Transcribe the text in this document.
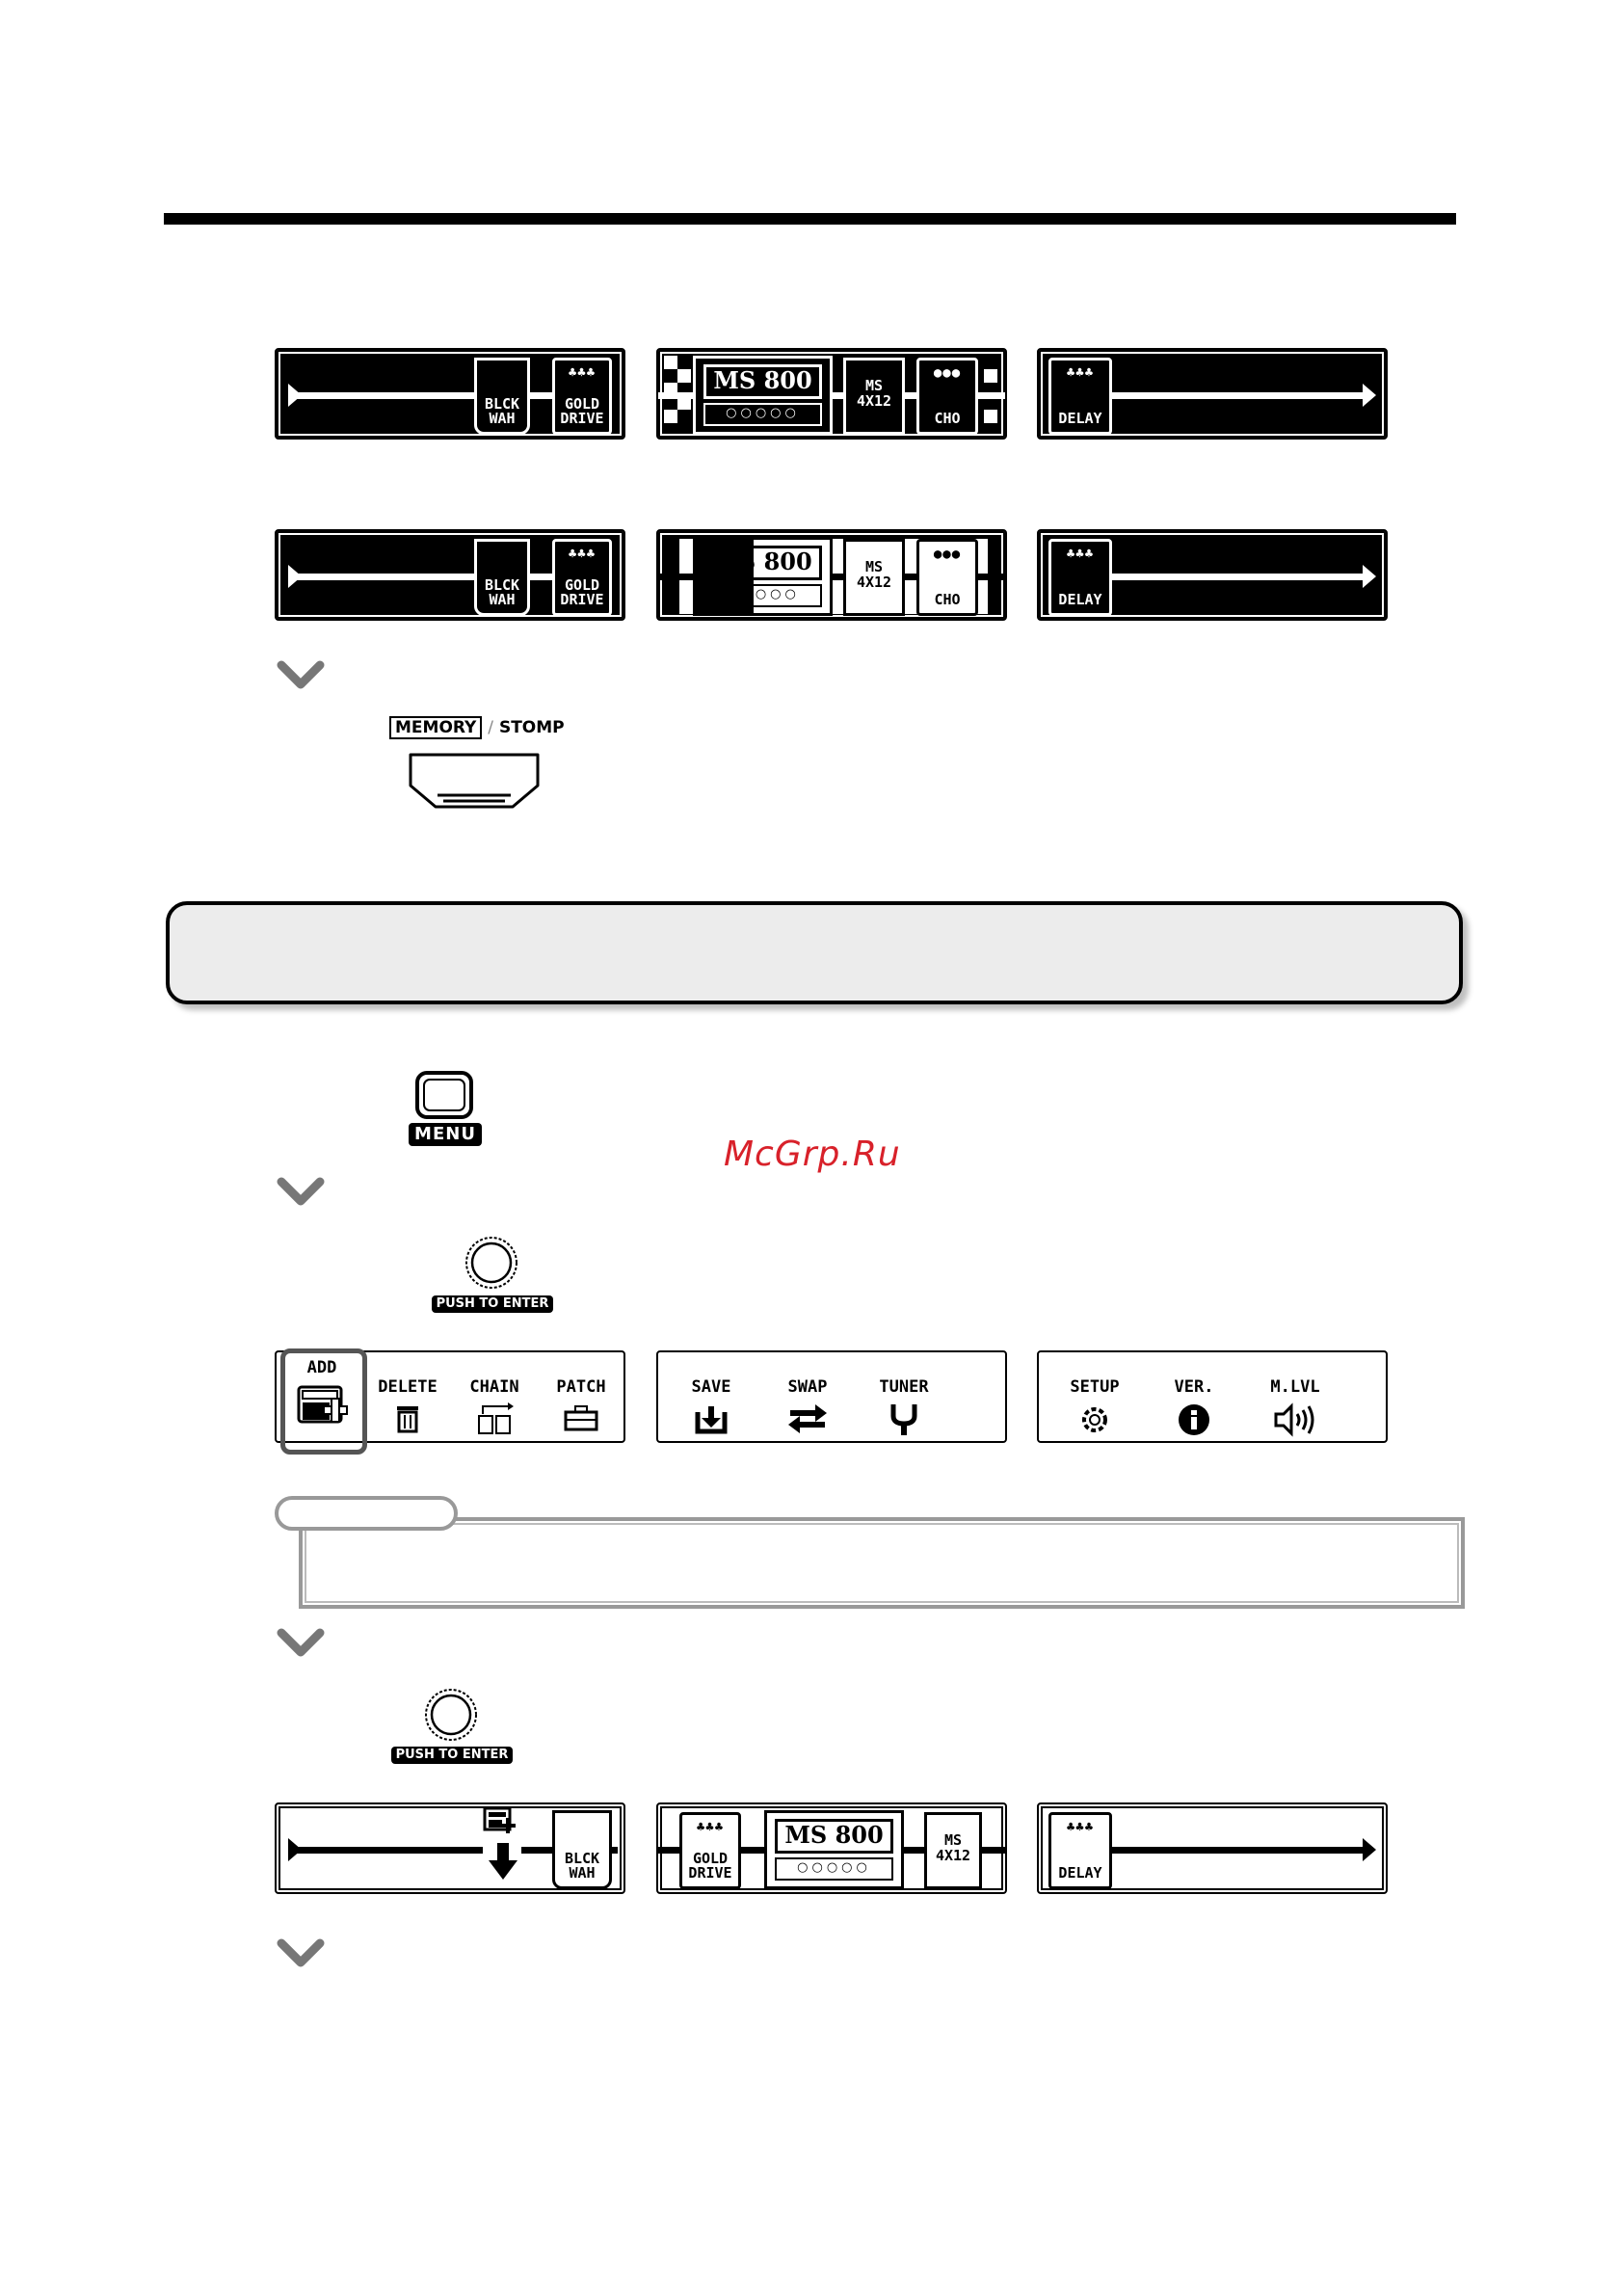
BLCK
WAH
♣♣♣
GOLD
DRIVE
MS 800
○○○○○
MS
4X12
●●●
CHO
♣♣♣
DELAY
BLCK
WAH
♣♣♣
GOLD
DRIVE
MS 800
○○○○○
MS
4X12
●●●
CHO
♣♣♣
DELAY
MEMORY / STOMP
MENU
McGrp.Ru
PUSH TO ENTER
ADD
DELETE	CHAIN	PATCH	SAVE	SWAP	TUNER	SETUP	VER.	M.LVL
PUSH TO ENTER
BLCK
WAH
♣♣♣
GOLD
DRIVE
MS 800
○○○○○
MS
4X12
♣♣♣
DELAY
